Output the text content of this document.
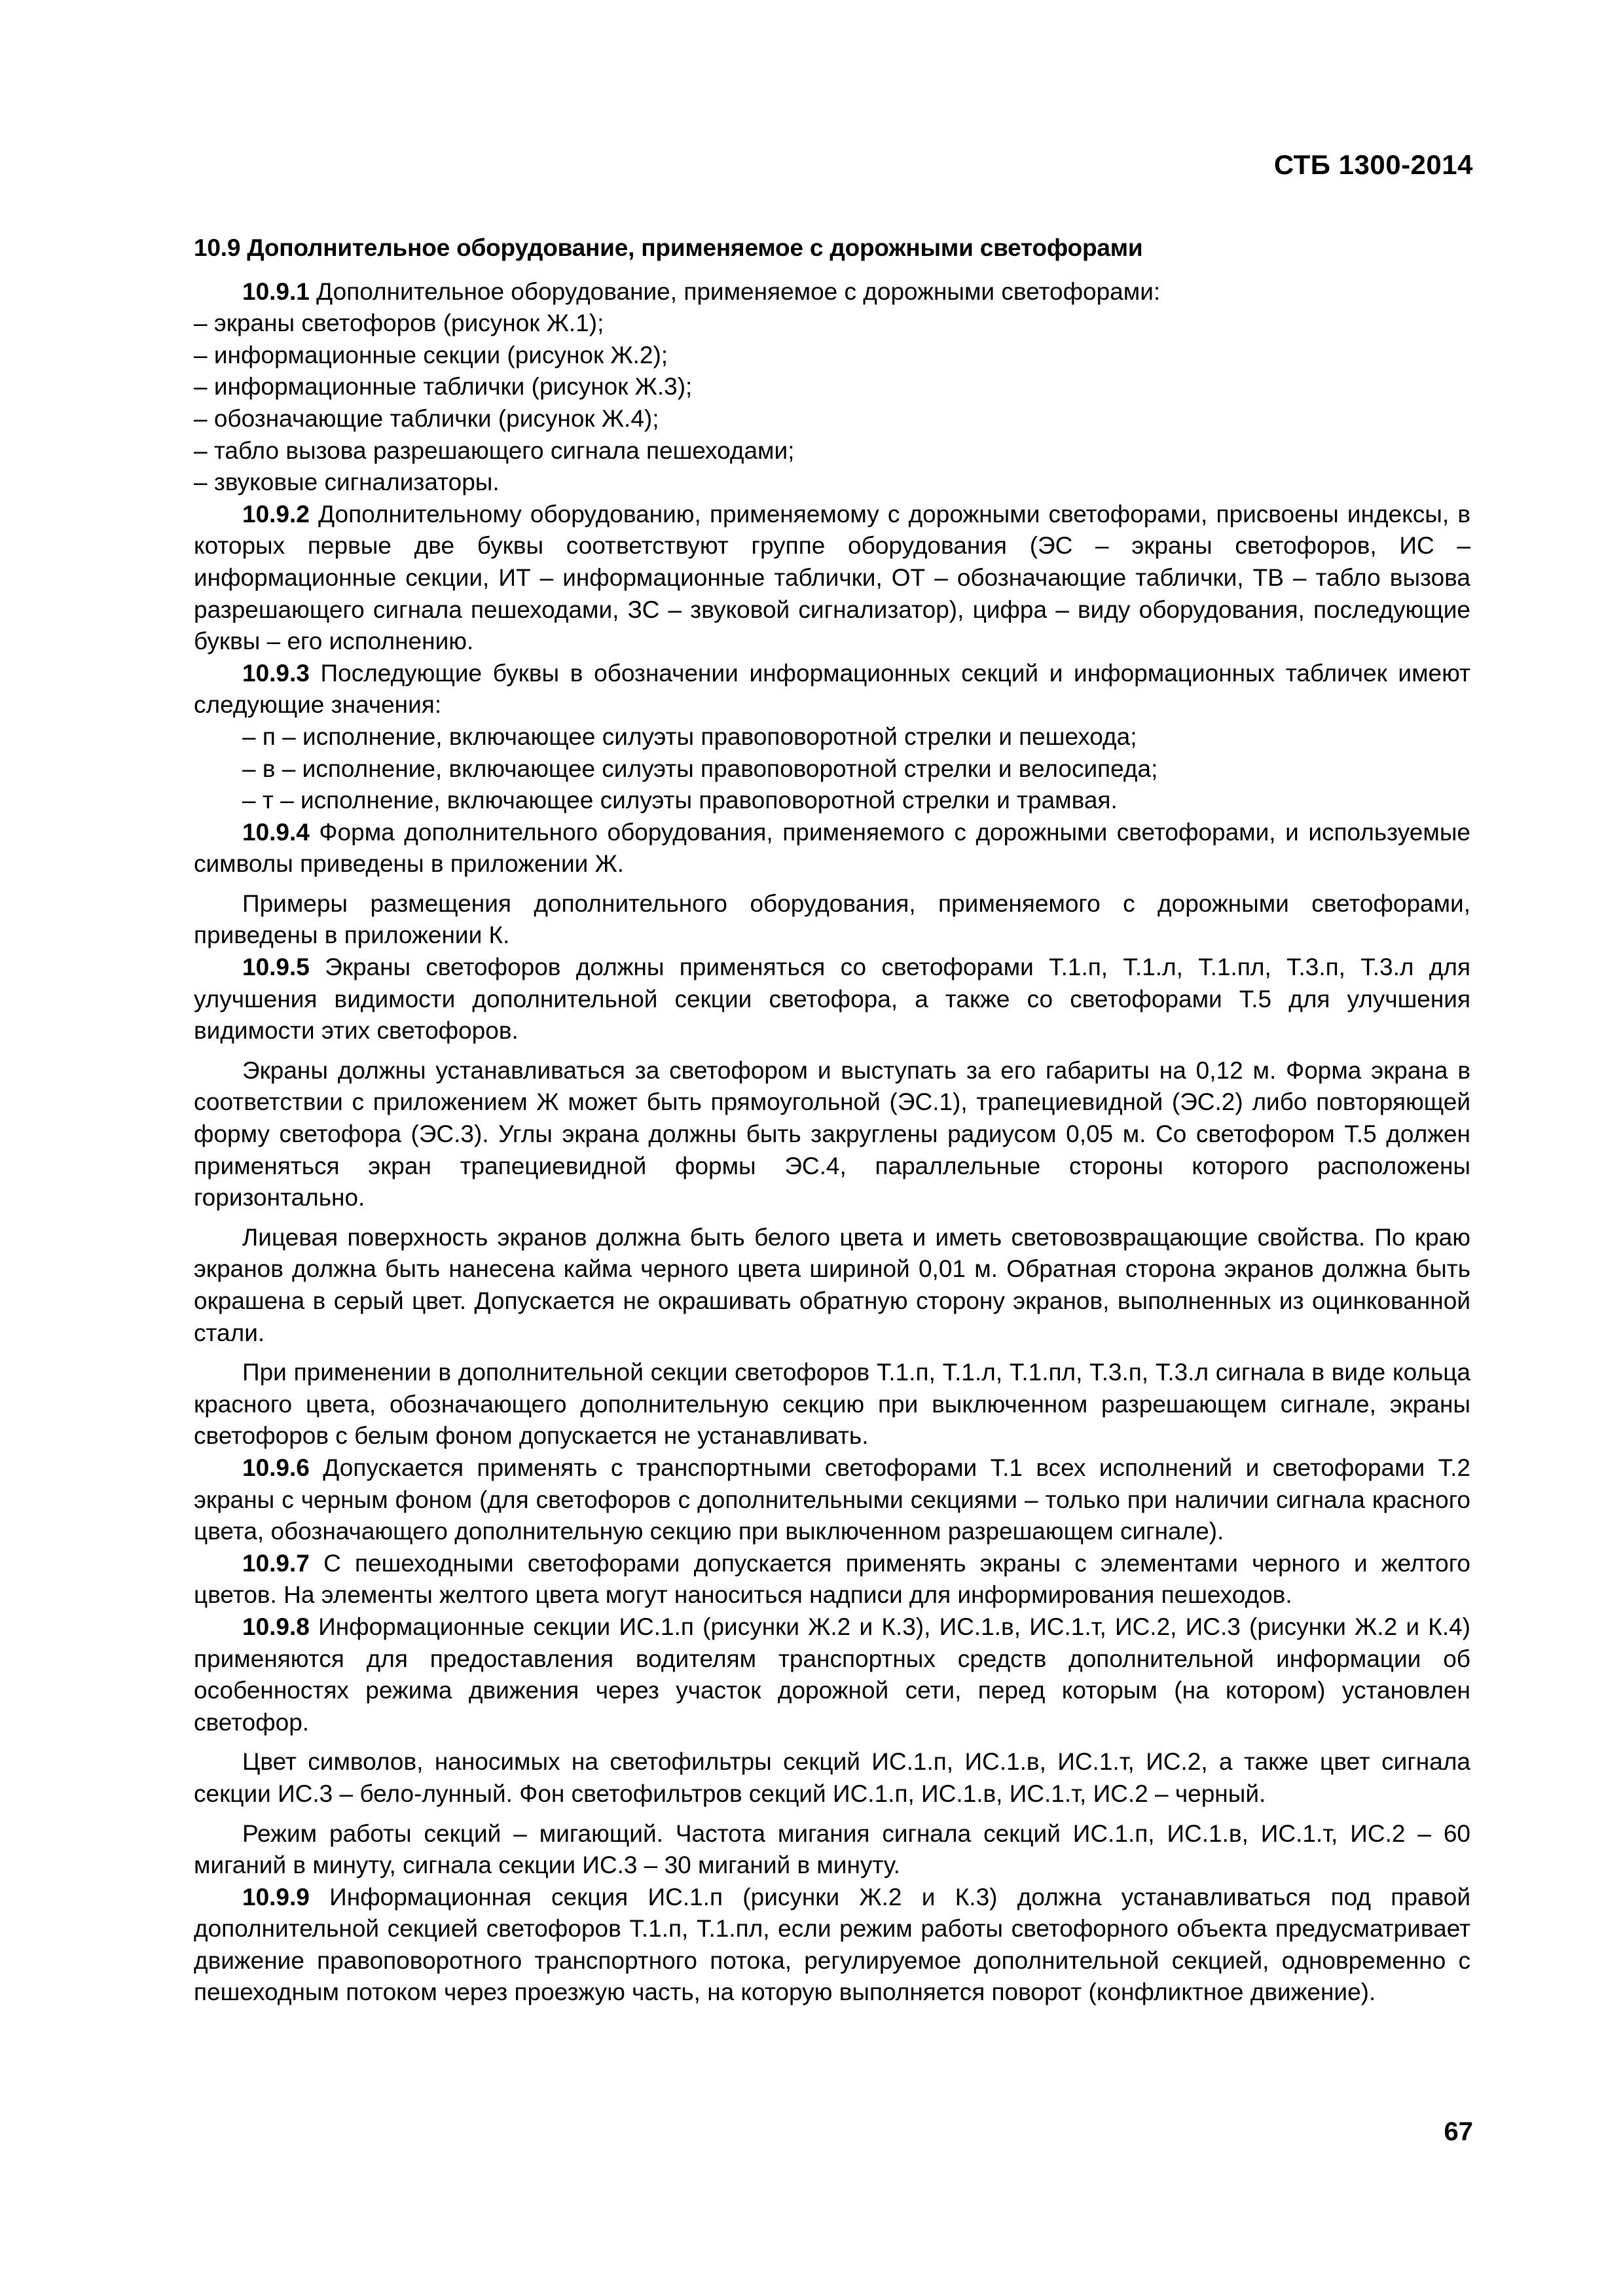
СТБ 1300-2014
10.9 Дополнительное оборудование, применяемое с дорожными светофорами

10.9.1 Дополнительное оборудование, применяемое с дорожными светофорами:

– экраны светофоров (рисунок Ж.1);
– информационные секции (рисунок Ж.2);
– информационные таблички (рисунок Ж.3);
– обозначающие таблички (рисунок Ж.4);
– табло вызова разрешающего сигнала пешеходами;
– звуковые сигнализаторы.

10.9.2 Дополнительному оборудованию, применяемому с дорожными светофорами, присвоены индексы, в которых первые две буквы соответствуют группе оборудования (ЭС – экраны светофоров, ИС – информационные секции, ИТ – информационные таблички, ОТ – обозначающие таблички, ТВ – табло вызова разрешающего сигнала пешеходами, ЗС – звуковой сигнализатор), цифра – виду оборудования, последующие буквы – его исполнению.

10.9.3 Последующие буквы в обозначении информационных секций и информационных табличек имеют следующие значения:

– п – исполнение, включающее силуэты правоповоротной стрелки и пешехода;
– в – исполнение, включающее силуэты правоповоротной стрелки и велосипеда;
– т – исполнение, включающее силуэты правоповоротной стрелки и трамвая.

10.9.4 Форма дополнительного оборудования, применяемого с дорожными светофорами, и используемые символы приведены в приложении Ж.

Примеры размещения дополнительного оборудования, применяемого с дорожными светофорами, приведены в приложении К.

10.9.5 Экраны светофоров должны применяться со светофорами Т.1.п, Т.1.л, Т.1.пл, Т.3.п, Т.3.л для улучшения видимости дополнительной секции светофора, а также со светофорами Т.5 для улучшения видимости этих светофоров.

Экраны должны устанавливаться за светофором и выступать за его габариты на 0,12 м. Форма экрана в соответствии с приложением Ж может быть прямоугольной (ЭС.1), трапециевидной (ЭС.2) либо повторяющей форму светофора (ЭС.3). Углы экрана должны быть закруглены радиусом 0,05 м. Со светофором Т.5 должен применяться экран трапециевидной формы ЭС.4, параллельные стороны которого расположены горизонтально.

Лицевая поверхность экранов должна быть белого цвета и иметь световозвращающие свойства. По краю экранов должна быть нанесена кайма черного цвета шириной 0,01 м. Обратная сторона экранов должна быть окрашена в серый цвет. Допускается не окрашивать обратную сторону экранов, выполненных из оцинкованной стали.

При применении в дополнительной секции светофоров Т.1.п, Т.1.л, Т.1.пл, Т.3.п, Т.3.л сигнала в виде кольца красного цвета, обозначающего дополнительную секцию при выключенном разрешающем сигнале, экраны светофоров с белым фоном допускается не устанавливать.

10.9.6 Допускается применять с транспортными светофорами Т.1 всех исполнений и светофорами Т.2 экраны с черным фоном (для светофоров с дополнительными секциями – только при наличии сигнала красного цвета, обозначающего дополнительную секцию при выключенном разрешающем сигнале).

10.9.7 С пешеходными светофорами допускается применять экраны с элементами черного и желтого цветов. На элементы желтого цвета могут наноситься надписи для информирования пешеходов.

10.9.8 Информационные секции ИС.1.п (рисунки Ж.2 и К.3), ИС.1.в, ИС.1.т, ИС.2, ИС.3 (рисунки Ж.2 и К.4) применяются для предоставления водителям транспортных средств дополнительной информации об особенностях режима движения через участок дорожной сети, перед которым (на котором) установлен светофор.

Цвет символов, наносимых на светофильтры секций ИС.1.п, ИС.1.в, ИС.1.т, ИС.2, а также цвет сигнала секции ИС.3 – бело-лунный. Фон светофильтров секций ИС.1.п, ИС.1.в, ИС.1.т, ИС.2 – черный.

Режим работы секций – мигающий. Частота мигания сигнала секций ИС.1.п, ИС.1.в, ИС.1.т, ИС.2 – 60 миганий в минуту, сигнала секции ИС.3 – 30 миганий в минуту.

10.9.9 Информационная секция ИС.1.п (рисунки Ж.2 и К.3) должна устанавливаться под правой дополнительной секцией светофоров Т.1.п, Т.1.пл, если режим работы светофорного объекта предусматривает движение правоповоротного транспортного потока, регулируемое дополнительной секцией, одновременно с пешеходным потоком через проезжую часть, на которую выполняется поворот (конфликтное движение).

67
